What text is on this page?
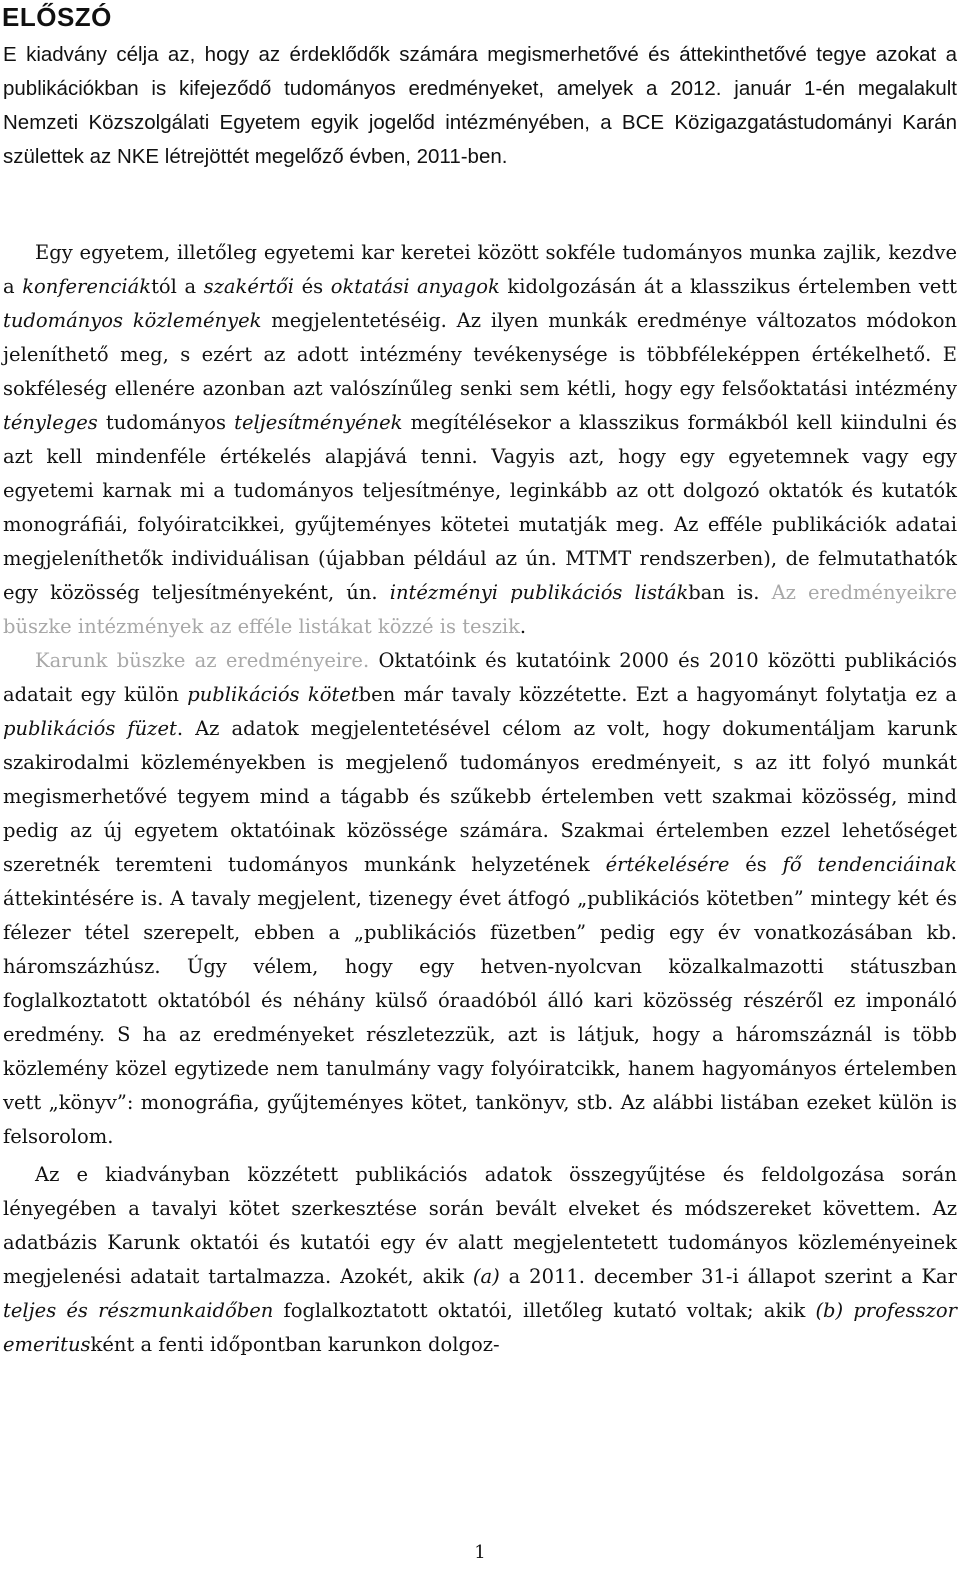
ELŐSZÓ

E kiadvány célja az, hogy az érdeklődők számára megismerhetővé és áttekinthetővé tegye azokat a publikációkban is kifejeződő tudományos eredményeket, amelyek a 2012. január 1-én megalakult Nemzeti Közszolgálati Egyetem egyik jogelőd intézményében, a BCE Közigazgatástudományi Karán születtek az NKE létrejöttét megelőző évben, 2011-ben.

Egy egyetem, illetőleg egyetemi kar keretei között sokféle tudományos munka zajlik, kezdve a konferenciáktól a szakértői és oktatási anyagok kidolgozásán át a klasszikus értelemben vett tudományos közlemények megjelentetéséig. Az ilyen munkák eredménye változatos módokon jeleníthető meg, s ezért az adott intézmény tevékenysége is többféleképpen értékelhető. E sokféleség ellenére azonban azt valószínűleg senki sem kétli, hogy egy felsőoktatási intézmény tényleges tudományos teljesítményének megítélésekor a klasszikus formákból kell kiindulni és azt kell mindenféle értékelés alapjává tenni. Vagyis azt, hogy egy egyetemnek vagy egy egyetemi karnak mi a tudományos teljesítménye, leginkább az ott dolgozó oktatók és kutatók monográfiái, folyóiratcikkei, gyűjteményes kötetei mutatják meg. Az efféle publikációk adatai megjeleníthetők individuálisan (újabban például az ún. MTMT rendszerben), de felmutathatók egy közösség teljesítményeként, ún. intézményi publikációs listákban is. Az eredményeikre büszke intézmények az efféle listákat közzé is teszik.

Karunk büszke az eredményeire. Oktatóink és kutatóink 2000 és 2010 közötti publikációs adatait egy külön publikációs kötetben már tavaly közzétette. Ezt a hagyományt folytatja ez a publikációs füzet. Az adatok megjelentetésével célom az volt, hogy dokumentáljam karunk szakirodalmi közleményekben is megjelenő tudományos eredményeit, s az itt folyó munkát megismerhetővé tegyem mind a tágabb és szűkebb értelemben vett szakmai közösség, mind pedig az új egyetem oktatóinak közössége számára. Szakmai értelemben ezzel lehetőséget szeretnék teremteni tudományos munkánk helyzetének értékelésére és fő tendenciáinak áttekintésére is. A tavaly megjelent, tizenegy évet átfogó „publikációs kötetben” mintegy két és félezer tétel szerepelt, ebben a „publikációs füzetben” pedig egy év vonatkozásában kb. háromszázhúsz. Úgy vélem, hogy egy hetven-nyolcvan közalkalmazotti státuszban foglalkoztatott oktatóból és néhány külső óraadóból álló kari közösség részéről ez imponáló eredmény. S ha az eredményeket részletezzük, azt is látjuk, hogy a háromszáznál is több közlemény közel egytizede nem tanulmány vagy folyóiratcikk, hanem hagyományos értelemben vett „könyv”: monográfia, gyűjteményes kötet, tankönyv, stb. Az alábbi listában ezeket külön is felsorolom.

Az e kiadványban közzétett publikációs adatok összegyűjtése és feldolgozása során lényegében a tavalyi kötet szerkesztése során bevált elveket és módszereket követtem. Az adatbázis Karunk oktatói és kutatói egy év alatt megjelentetett tudományos közleményeinek megjelenési adatait tartalmazza. Azokét, akik (a) a 2011. december 31-i állapot szerint a Kar teljes és részmunkaidőben foglalkoztatott oktatói, illetőleg kutató voltak; akik (b) professzor emeritusként a fenti időpontban karunkon dolgoz-

1
